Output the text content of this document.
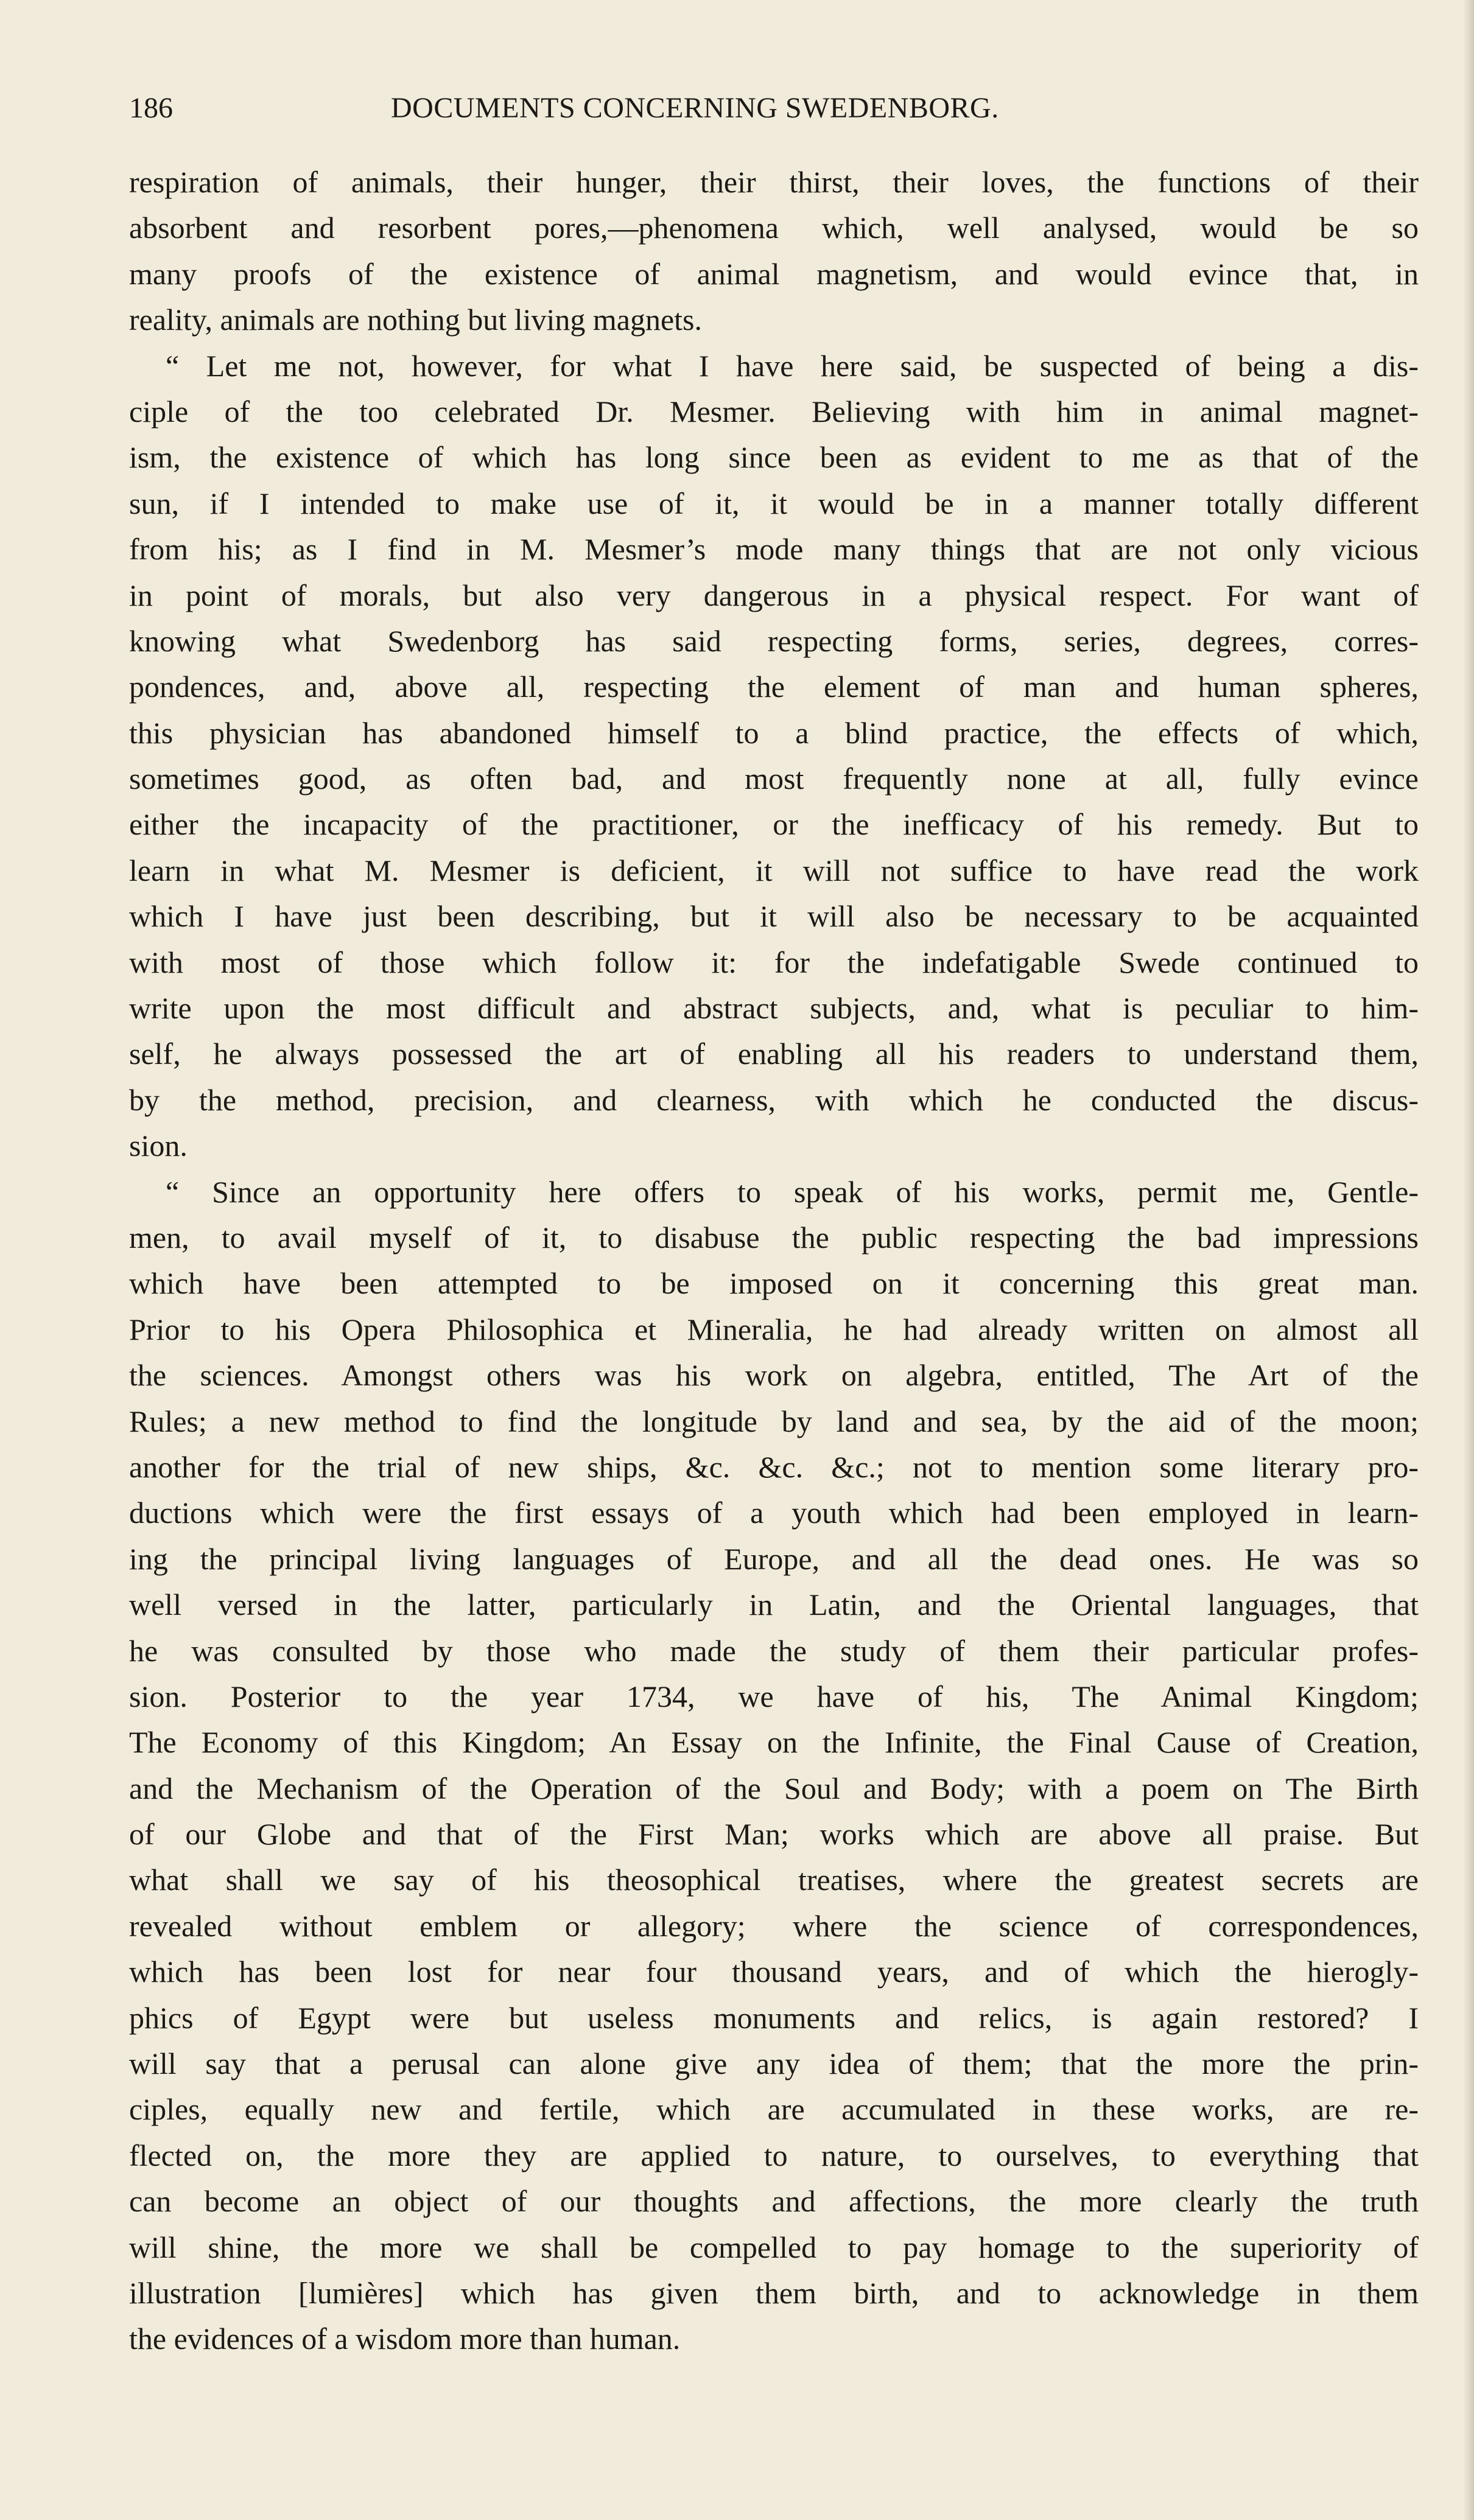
186	DOCUMENTS CONCERNING SWEDENBORG.
respiration of animals, their hunger, their thirst, their loves, the functions of their
absorbent and resorbent pores,—phenomena which, well analysed, would be so
many proofs of the existence of animal magnetism, and would evince that, in
reality, animals are nothing but living magnets.
“ Let me not, however, for what I have here said, be suspected of being a dis-
ciple of the too celebrated Dr. Mesmer. Believing with him in animal magnet-
ism, the existence of which has long since been as evident to me as that of the
sun, if I intended to make use of it, it would be in a manner totally different
from his; as I find in M. Mesmer’s mode many things that are not only vicious
in point of morals, but also very dangerous in a physical respect. For want of
knowing what Swedenborg has said respecting forms, series, degrees, corres-
pondences, and, above all, respecting the element of man and human spheres,
this physician has abandoned himself to a blind practice, the effects of which,
sometimes good, as often bad, and most frequently none at all, fully evince
either the incapacity of the practitioner, or the inefficacy of his remedy. But to
learn in what M. Mesmer is deficient, it will not suffice to have read the work
which I have just been describing, but it will also be necessary to be acquainted
with most of those which follow it: for the indefatigable Swede continued to
write upon the most difficult and abstract subjects, and, what is peculiar to him-
self, he always possessed the art of enabling all his readers to understand them,
by the method, precision, and clearness, with which he conducted the discus-
sion.
“ Since an opportunity here offers to speak of his works, permit me, Gentle-
men, to avail myself of it, to disabuse the public respecting the bad impressions
which have been attempted to be imposed on it concerning this great man.
Prior to his Opera Philosophica et Mineralia, he had already written on almost all
the sciences. Amongst others was his work on algebra, entitled, The Art of the
Rules; a new method to find the longitude by land and sea, by the aid of the moon;
another for the trial of new ships, &c. &c. &c.; not to mention some literary pro-
ductions which were the first essays of a youth which had been employed in learn-
ing the principal living languages of Europe, and all the dead ones. He was so
well versed in the latter, particularly in Latin, and the Oriental languages, that
he was consulted by those who made the study of them their particular profes-
sion. Posterior to the year 1734, we have of his, The Animal Kingdom;
The Economy of this Kingdom; An Essay on the Infinite, the Final Cause of Creation,
and the Mechanism of the Operation of the Soul and Body; with a poem on The Birth
of our Globe and that of the First Man; works which are above all praise. But
what shall we say of his theosophical treatises, where the greatest secrets are
revealed without emblem or allegory; where the science of correspondences,
which has been lost for near four thousand years, and of which the hierogly-
phics of Egypt were but useless monuments and relics, is again restored? I
will say that a perusal can alone give any idea of them; that the more the prin-
ciples, equally new and fertile, which are accumulated in these works, are re-
flected on, the more they are applied to nature, to ourselves, to everything that
can become an object of our thoughts and affections, the more clearly the truth
will shine, the more we shall be compelled to pay homage to the superiority of
illustration [lumières] which has given them birth, and to acknowledge in them
the evidences of a wisdom more than human.
